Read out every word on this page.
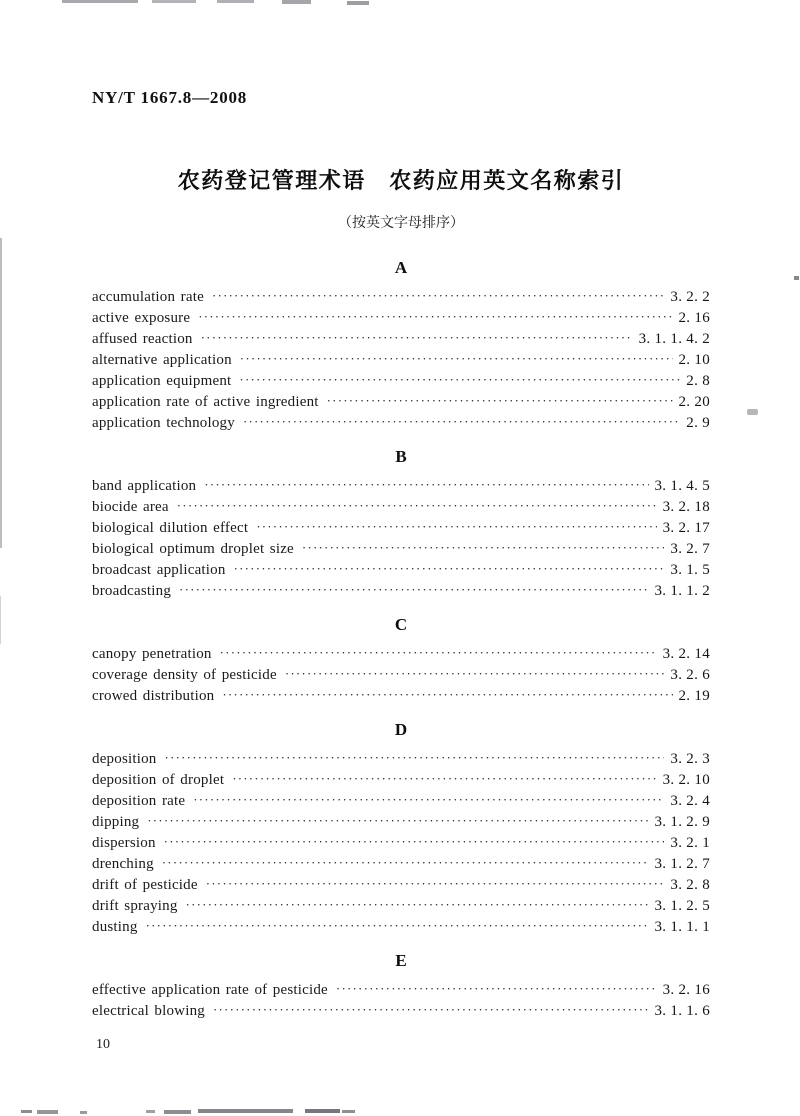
NY/T 1667.8—2008
农药登记管理术语　农药应用英文名称索引
（按英文字母排序）
A
accumulation rate ·····	3. 2. 2
active exposure ·····	2. 16
affused reaction ·····	3. 1. 1. 4. 2
alternative application ·····	2. 10
application equipment ·····	2. 8
application rate of active ingredient ·····	2. 20
application technology ·····	2. 9
B
band application ·····	3. 1. 4. 5
biocide area ·····	3. 2. 18
biological dilution effect ·····	3. 2. 17
biological optimum droplet size ·····	3. 2. 7
broadcast application ·····	3. 1. 5
broadcasting ·····	3. 1. 1. 2
C
canopy penetration ·····	3. 2. 14
coverage density of pesticide ·····	3. 2. 6
crowed distribution ·····	2. 19
D
deposition ·····	3. 2. 3
deposition of droplet ·····	3. 2. 10
deposition rate ·····	3. 2. 4
dipping ·····	3. 1. 2. 9
dispersion ·····	3. 2. 1
drenching ·····	3. 1. 2. 7
drift of pesticide ·····	3. 2. 8
drift spraying ·····	3. 1. 2. 5
dusting ·····	3. 1. 1. 1
E
effective application rate of pesticide ·····	3. 2. 16
electrical blowing ·····	3. 1. 1. 6
10
